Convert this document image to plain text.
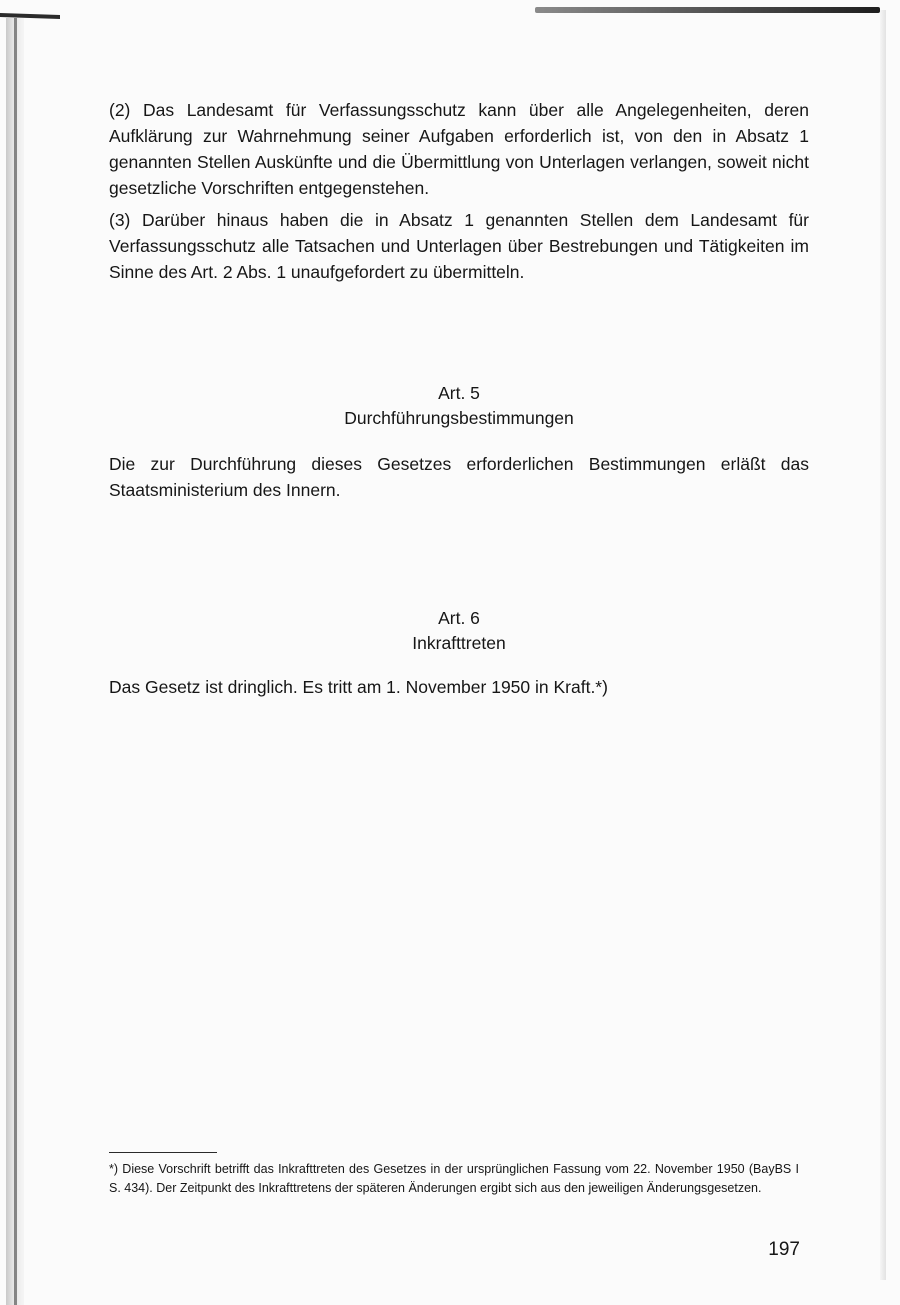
(2) Das Landesamt für Verfassungsschutz kann über alle Angelegenheiten, deren Aufklärung zur Wahrnehmung seiner Aufgaben erforderlich ist, von den in Absatz 1 genannten Stellen Auskünfte und die Übermittlung von Unterlagen verlangen, soweit nicht gesetzliche Vorschriften entgegenstehen.

(3) Darüber hinaus haben die in Absatz 1 genannten Stellen dem Landesamt für Verfassungsschutz alle Tatsachen und Unterlagen über Bestrebungen und Tätigkeiten im Sinne des Art. 2 Abs. 1 unaufgefordert zu übermitteln.

Art. 5
Durchführungsbestimmungen

Die zur Durchführung dieses Gesetzes erforderlichen Bestimmungen erläßt das Staatsministerium des Innern.

Art. 6
Inkrafttreten

Das Gesetz ist dringlich. Es tritt am 1. November 1950 in Kraft.*)

*) Diese Vorschrift betrifft das Inkrafttreten des Gesetzes in der ursprünglichen Fassung vom 22. November 1950 (BayBS I S. 434). Der Zeitpunkt des Inkrafttretens der späteren Änderungen ergibt sich aus den jeweiligen Änderungsgesetzen.

197
